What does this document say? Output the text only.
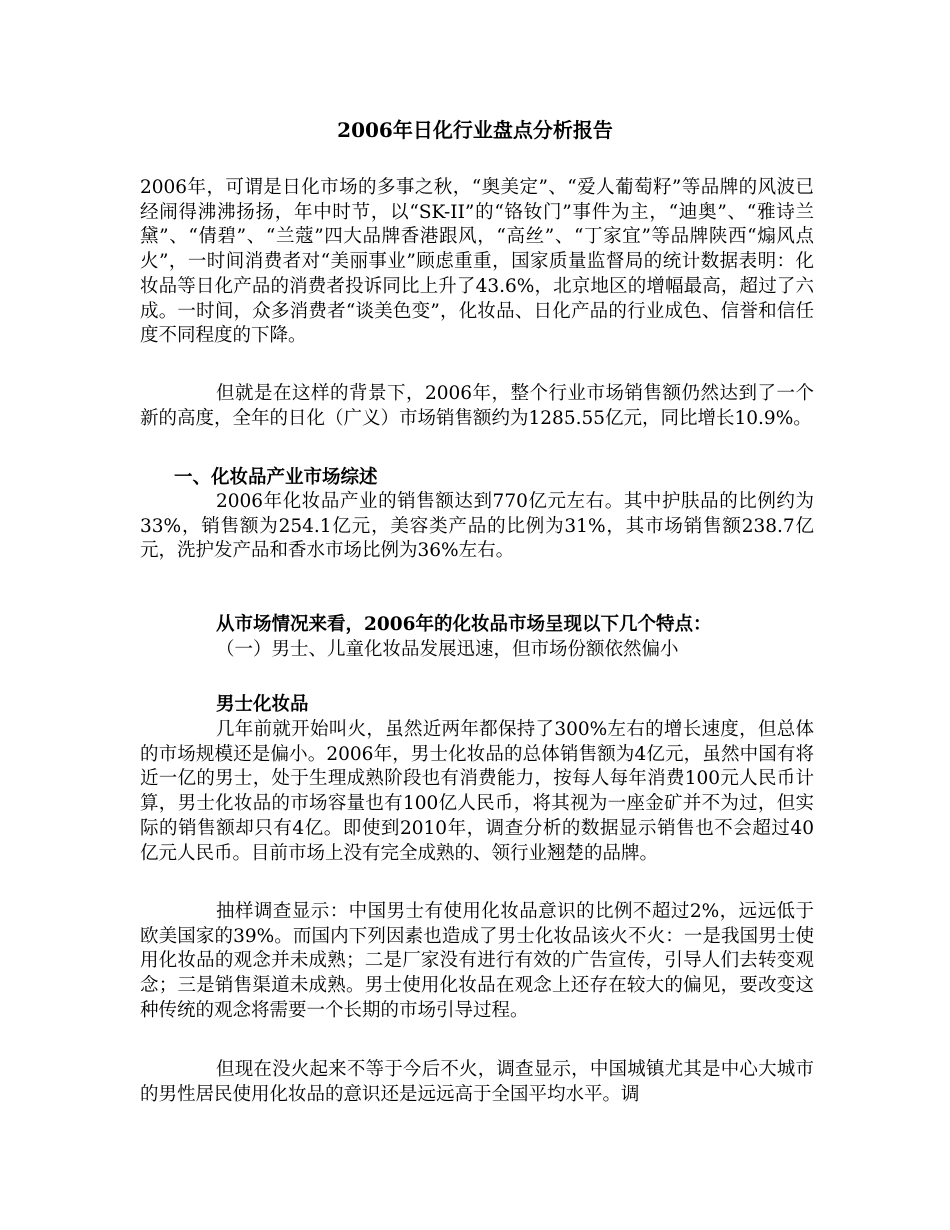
2006年日化行业盘点分析报告

2006年，可谓是日化市场的多事之秋，“奥美定”、“爱人葡萄籽”等品牌的风波已经闹得沸沸扬扬，年中时节，以“SK-II”的“铬钕门”事件为主，“迪奥”、“雅诗兰黛”、“倩碧”、“兰蔻”四大品牌香港跟风，“高丝”、“丁家宜”等品牌陕西“煽风点火”，一时间消费者对“美丽事业”顾虑重重，国家质量监督局的统计数据表明：化妆品等日化产品的消费者投诉同比上升了43.6%，北京地区的增幅最高，超过了六成。一时间，众多消费者“谈美色变”，化妆品、日化产品的行业成色、信誉和信任度不同程度的下降。

但就是在这样的背景下，2006年，整个行业市场销售额仍然达到了一个新的高度，全年的日化（广义）市场销售额约为1285.55亿元，同比增长10.9%。

一、化妆品产业市场综述

2006年化妆品产业的销售额达到770亿元左右。其中护肤品的比例约为33%，销售额为254.1亿元，美容类产品的比例为31%，其市场销售额238.7亿元，洗护发产品和香水市场比例为36%左右。

从市场情况来看，2006年的化妆品市场呈现以下几个特点：

（一）男士、儿童化妆品发展迅速，但市场份额依然偏小

男士化妆品

几年前就开始叫火，虽然近两年都保持了300%左右的增长速度，但总体的市场规模还是偏小。2006年，男士化妆品的总体销售额为4亿元，虽然中国有将近一亿的男士，处于生理成熟阶段也有消费能力，按每人每年消费100元人民币计算，男士化妆品的市场容量也有100亿人民币，将其视为一座金矿并不为过，但实际的销售额却只有4亿。即使到2010年，调查分析的数据显示销售也不会超过40亿元人民币。目前市场上没有完全成熟的、领行业翘楚的品牌。

抽样调查显示：中国男士有使用化妆品意识的比例不超过2%，远远低于欧美国家的39%。而国内下列因素也造成了男士化妆品该火不火：一是我国男士使用化妆品的观念并未成熟；二是厂家没有进行有效的广告宣传，引导人们去转变观念；三是销售渠道未成熟。男士使用化妆品在观念上还存在较大的偏见，要改变这种传统的观念将需要一个长期的市场引导过程。

但现在没火起来不等于今后不火，调查显示，中国城镇尤其是中心大城市的男性居民使用化妆品的意识还是远远高于全国平均水平。调
